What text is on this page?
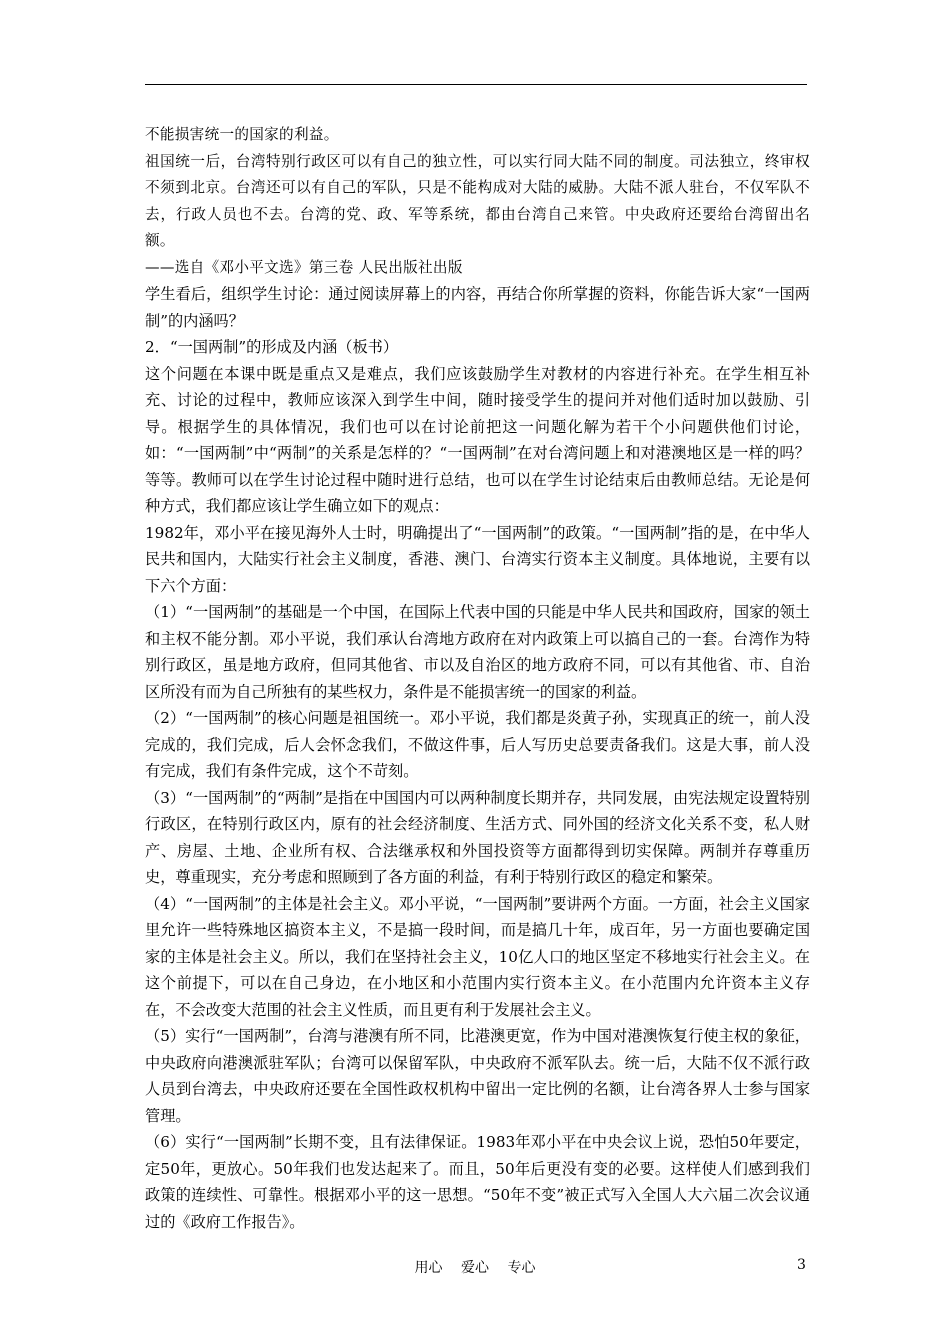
不能损害统一的国家的利益。

祖国统一后，台湾特别行政区可以有自己的独立性，可以实行同大陆不同的制度。司法独立，终审权不须到北京。台湾还可以有自己的军队，只是不能构成对大陆的威胁。大陆不派人驻台，不仅军队不去，行政人员也不去。台湾的党、政、军等系统，都由台湾自己来管。中央政府还要给台湾留出名额。

——选自《邓小平文选》第三卷 人民出版社出版

学生看后，组织学生讨论：通过阅读屏幕上的内容，再结合你所掌握的资料，你能告诉大家“一国两制”的内涵吗？

2．“一国两制”的形成及内涵（板书）

这个问题在本课中既是重点又是难点，我们应该鼓励学生对教材的内容进行补充。在学生相互补充、讨论的过程中，教师应该深入到学生中间，随时接受学生的提问并对他们适时加以鼓励、引导。根据学生的具体情况，我们也可以在讨论前把这一问题化解为若干个小问题供他们讨论，如：“一国两制”中“两制”的关系是怎样的？“一国两制”在对台湾问题上和对港澳地区是一样的吗？等等。教师可以在学生讨论过程中随时进行总结，也可以在学生讨论结束后由教师总结。无论是何种方式，我们都应该让学生确立如下的观点：

1982年，邓小平在接见海外人士时，明确提出了“一国两制”的政策。“一国两制”指的是，在中华人民共和国内，大陆实行社会主义制度，香港、澳门、台湾实行资本主义制度。具体地说，主要有以下六个方面：

（1）“一国两制”的基础是一个中国，在国际上代表中国的只能是中华人民共和国政府，国家的领土和主权不能分割。邓小平说，我们承认台湾地方政府在对内政策上可以搞自己的一套。台湾作为特别行政区，虽是地方政府，但同其他省、市以及自治区的地方政府不同，可以有其他省、市、自治区所没有而为自己所独有的某些权力，条件是不能损害统一的国家的利益。

（2）“一国两制”的核心问题是祖国统一。邓小平说，我们都是炎黄子孙，实现真正的统一，前人没完成的，我们完成，后人会怀念我们，不做这件事，后人写历史总要责备我们。这是大事，前人没有完成，我们有条件完成，这个不苛刻。

（3）“一国两制”的“两制”是指在中国国内可以两种制度长期并存，共同发展，由宪法规定设置特别行政区，在特别行政区内，原有的社会经济制度、生活方式、同外国的经济文化关系不变，私人财产、房屋、土地、企业所有权、合法继承权和外国投资等方面都得到切实保障。两制并存尊重历史，尊重现实，充分考虑和照顾到了各方面的利益，有利于特别行政区的稳定和繁荣。

（4）“一国两制”的主体是社会主义。邓小平说，“一国两制”要讲两个方面。一方面，社会主义国家里允许一些特殊地区搞资本主义，不是搞一段时间，而是搞几十年，成百年，另一方面也要确定国家的主体是社会主义。所以，我们在坚持社会主义，10亿人口的地区坚定不移地实行社会主义。在这个前提下，可以在自己身边，在小地区和小范围内实行资本主义。在小范围内允许资本主义存在，不会改变大范围的社会主义性质，而且更有利于发展社会主义。

（5）实行“一国两制”，台湾与港澳有所不同，比港澳更宽，作为中国对港澳恢复行使主权的象征，中央政府向港澳派驻军队；台湾可以保留军队，中央政府不派军队去。统一后，大陆不仅不派行政人员到台湾去，中央政府还要在全国性政权机构中留出一定比例的名额，让台湾各界人士参与国家管理。

（6）实行“一国两制”长期不变，且有法律保证。1983年邓小平在中央会议上说，恐怕50年要定，定50年，更放心。50年我们也发达起来了。而且，50年后更没有变的必要。这样使人们感到我们政策的连续性、可靠性。根据邓小平的这一思想。“50年不变”被正式写入全国人大六届二次会议通过的《政府工作报告》。

用心 爱心 专心	3
